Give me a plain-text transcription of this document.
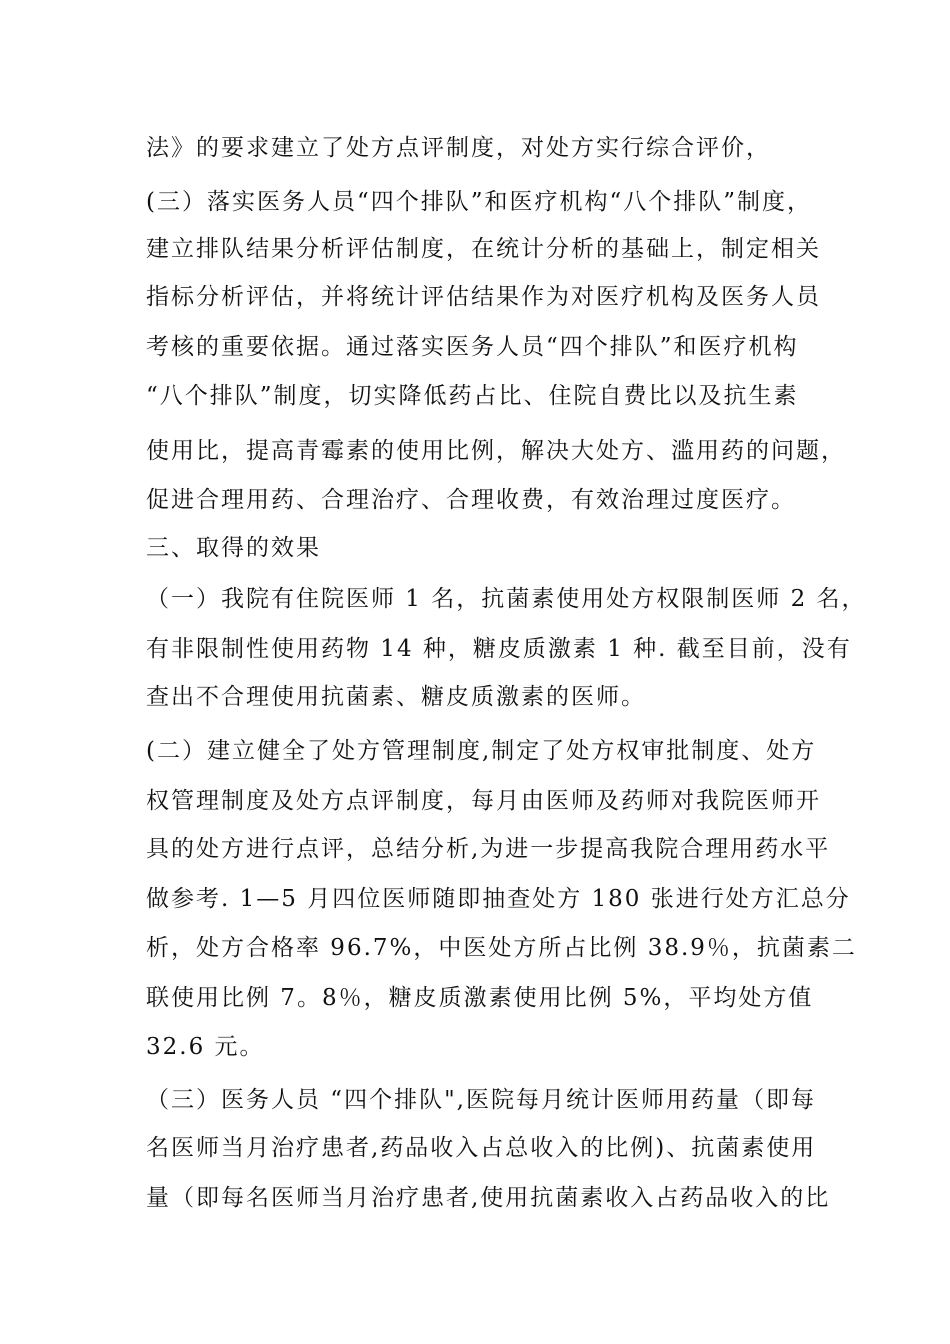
法》的要求建立了处方点评制度，对处方实行综合评价，
(三）落实医务人员“四个排队”和医疗机构“八个排队”制度，
建立排队结果分析评估制度，在统计分析的基础上，制定相关
指标分析评估，并将统计评估结果作为对医疗机构及医务人员
考核的重要依据。通过落实医务人员“四个排队”和医疗机构
“八个排队”制度，切实降低药占比、住院自费比以及抗生素
使用比，提高青霉素的使用比例，解决大处方、滥用药的问题，
促进合理用药、合理治疗、合理收费，有效治理过度医疗。
三、取得的效果
（一）我院有住院医师 1 名，抗菌素使用处方权限制医师 2 名，
有非限制性使用药物 14 种，糖皮质激素 1 种. 截至目前，没有
查出不合理使用抗菌素、糖皮质激素的医师。
(二）建立健全了处方管理制度,制定了处方权审批制度、处方
权管理制度及处方点评制度，每月由医师及药师对我院医师开
具的处方进行点评，总结分析,为进一步提高我院合理用药水平
做参考. 1—5 月四位医师随即抽查处方 180 张进行处方汇总分
析，处方合格率 96.7%，中医处方所占比例 38.9％，抗菌素二
联使用比例 7。8％，糖皮质激素使用比例 5%，平均处方值
32.6 元。
（三）医务人员 “四个排队",医院每月统计医师用药量（即每
名医师当月治疗患者,药品收入占总收入的比例)、抗菌素使用
量（即每名医师当月治疗患者,使用抗菌素收入占药品收入的比
